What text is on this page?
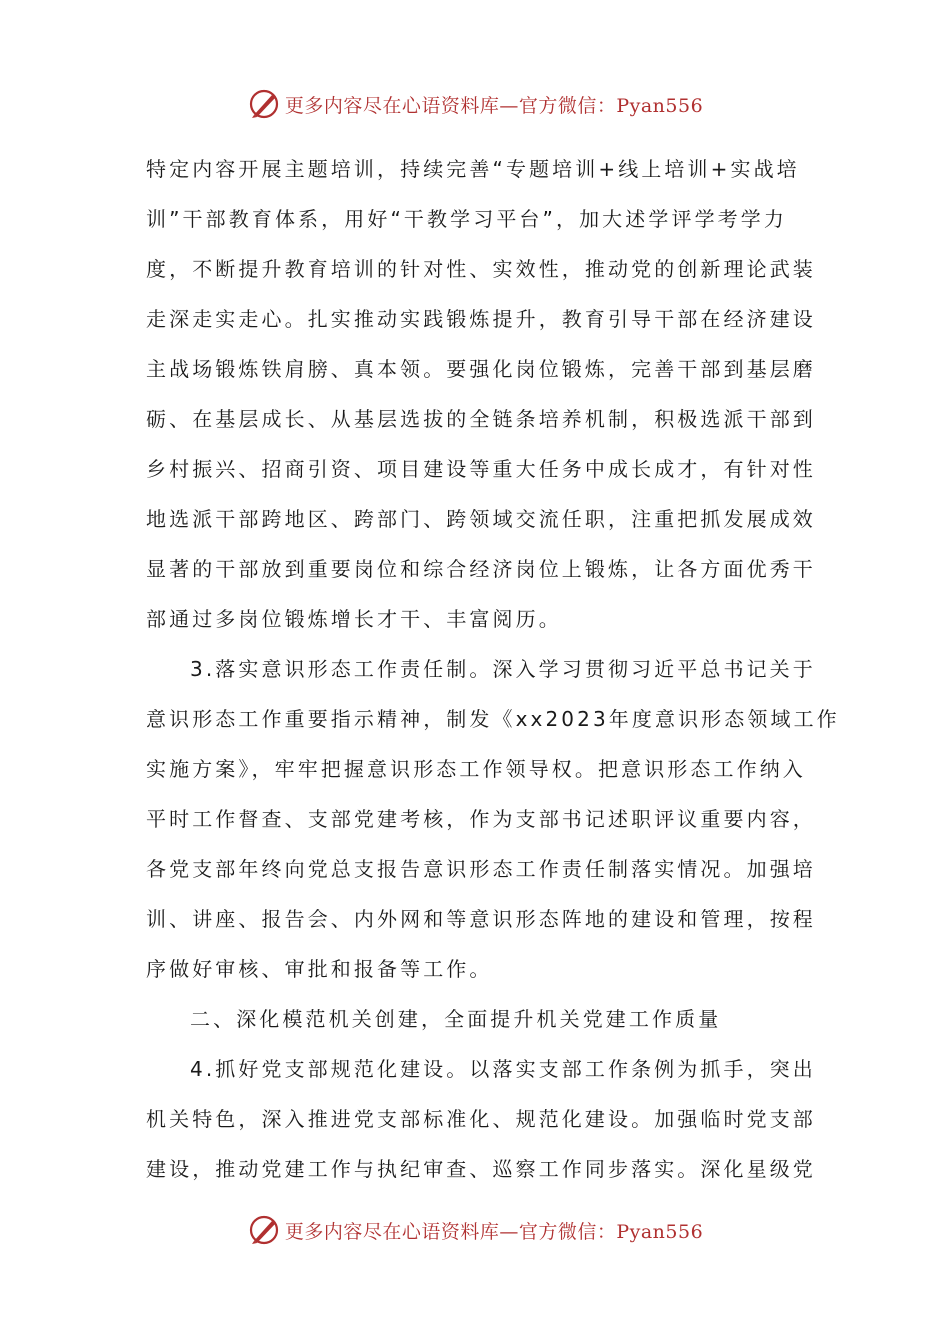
更多内容尽在心语资料库—官方微信：Pyan556
特定内容开展主题培训，持续完善“专题培训+线上培训+实战培
训”干部教育体系，用好“干教学习平台”，加大述学评学考学力
度，不断提升教育培训的针对性、实效性，推动党的创新理论武装
走深走实走心。扎实推动实践锻炼提升，教育引导干部在经济建设
主战场锻炼铁肩膀、真本领。要强化岗位锻炼，完善干部到基层磨
砺、在基层成长、从基层选拔的全链条培养机制，积极选派干部到
乡村振兴、招商引资、项目建设等重大任务中成长成才，有针对性
地选派干部跨地区、跨部门、跨领域交流任职，注重把抓发展成效
显著的干部放到重要岗位和综合经济岗位上锻炼，让各方面优秀干
部通过多岗位锻炼增长才干、丰富阅历。
3.落实意识形态工作责任制。深入学习贯彻习近平总书记关于
意识形态工作重要指示精神，制发《xx2023年度意识形态领域工作
实施方案》，牢牢把握意识形态工作领导权。把意识形态工作纳入
平时工作督查、支部党建考核，作为支部书记述职评议重要内容，
各党支部年终向党总支报告意识形态工作责任制落实情况。加强培
训、讲座、报告会、内外网和等意识形态阵地的建设和管理，按程
序做好审核、审批和报备等工作。
二、深化模范机关创建，全面提升机关党建工作质量
4.抓好党支部规范化建设。以落实支部工作条例为抓手，突出
机关特色，深入推进党支部标准化、规范化建设。加强临时党支部
建设，推动党建工作与执纪审查、巡察工作同步落实。深化星级党
更多内容尽在心语资料库—官方微信：Pyan556
